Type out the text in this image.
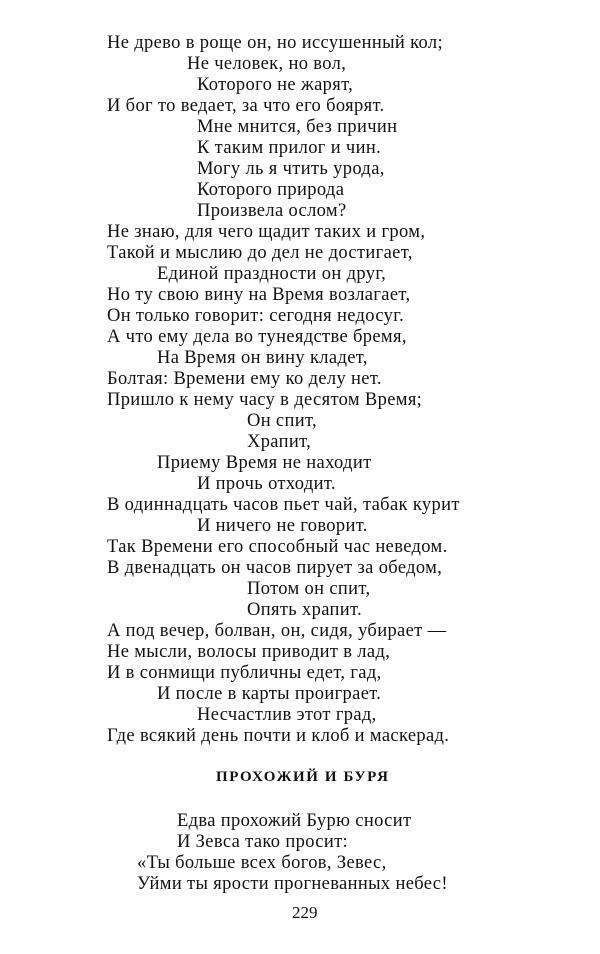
Не древо в роще он, но иссушенный кол;
Не человек, но вол,
Которого не жарят,
И бог то ведает, за что его боярят.
Мне мнится, без причин
К таким прилог и чин.
Могу ль я чтить урода,
Которого природа
Произвела ослом?
Не знаю, для чего щадит таких и гром,
Такой и мыслию до дел не достигает,
Единой праздности он друг,
Но ту свою вину на Время возлагает,
Он только говорит: сегодня недосуг.
А что ему дела во тунеядстве бремя,
На Время он вину кладет,
Болтая: Времени ему ко делу нет.
Пришло к нему часу в десятом Время;
Он спит,
Храпит,
Приему Время не находит
И прочь отходит.
В одиннадцать часов пьет чай, табак курит
И ничего не говорит.
Так Времени его способный час неведом.
В двенадцать он часов пирует за обедом,
Потом он спит,
Опять храпит.
А под вечер, болван, он, сидя, убирает —
Не мысли, волосы приводит в лад,
И в сонмищи публичны едет, гад,
И после в карты проиграет.
Несчастлив этот град,
Где всякий день почти и клоб и маскерад.
ПРОХОЖИЙ И БУРЯ
Едва прохожий Бурю сносит
И Зевса тако просит:
«Ты больше всех богов, Зевес,
Уйми ты ярости прогневанных небес!
229
